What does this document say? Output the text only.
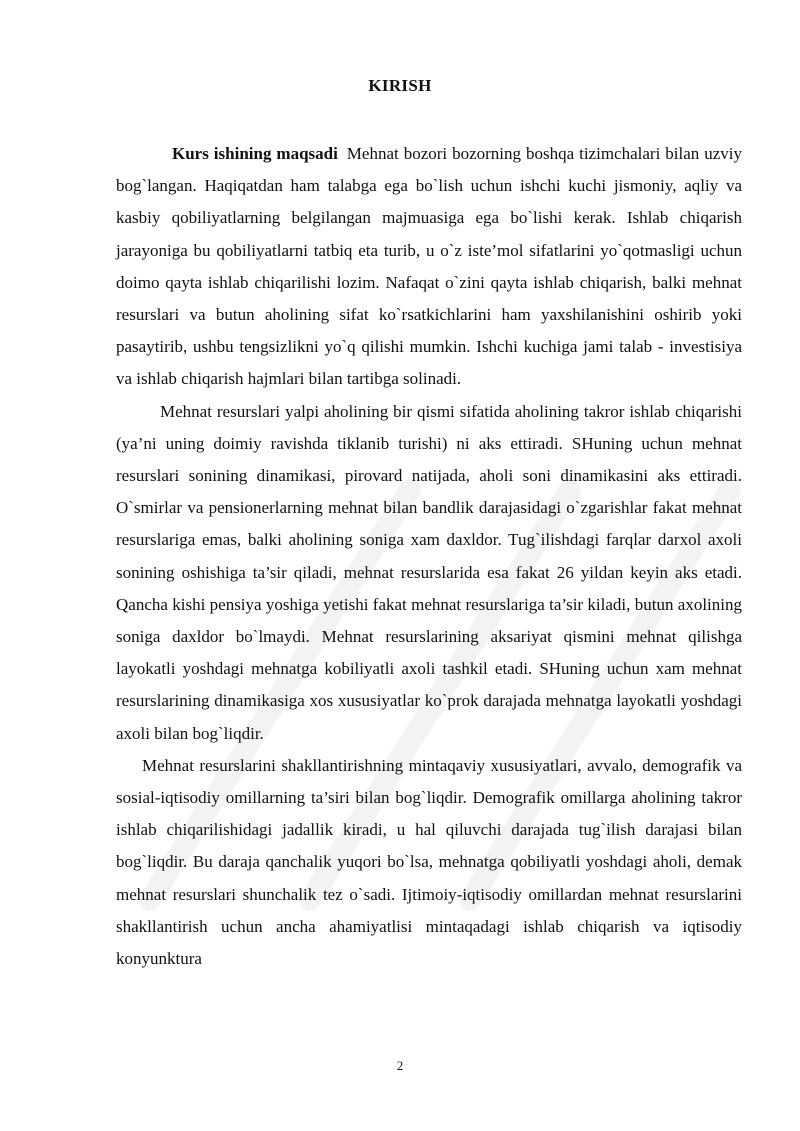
KIRISH

Kurs ishining maqsadi Mehnat bozori bozorning boshqa tizimchalari bilan uzviy bog`langan. Haqiqatdan ham talabga ega bo`lish uchun ishchi kuchi jismoniy, aqliy va kasbiy qobiliyatlarning belgilangan majmuasiga ega bo`lishi kerak. Ishlab chiqarish jarayoniga bu qobiliyatlarni tatbiq eta turib, u o`z iste’mol sifatlarini yo`qotmasligi uchun doimo qayta ishlab chiqarilishi lozim. Nafaqat o`zini qayta ishlab chiqarish, balki mehnat resurslari va butun aholining sifat ko`rsatkichlarini ham yaxshilanishini oshirib yoki pasaytirib, ushbu tengsizlikni yo`q qilishi mumkin. Ishchi kuchiga jami talab - investisiya va ishlab chiqarish hajmlari bilan tartibga solinadi.

Mehnat resurslari yalpi aholining bir qismi sifatida aholining takror ishlab chiqarishi (ya’ni uning doimiy ravishda tiklanib turishi) ni aks ettiradi. SHuning uchun mehnat resurslari sonining dinamikasi, pirovard natijada, aholi soni dinamikasini aks ettiradi. O`smirlar va pensionerlarning mehnat bilan bandlik darajasidagi o`zgarishlar fakat mehnat resurslariga emas, balki aholining soniga xam daxldor. Tug`ilishdagi farqlar darxol axoli sonining oshishiga ta’sir qiladi, mehnat resurslarida esa fakat 26 yildan keyin aks etadi. Qancha kishi pensiya yoshiga yetishi fakat mehnat resurslariga ta’sir kiladi, butun axolining soniga daxldor bo`lmaydi. Mehnat resurslarining aksariyat qismini mehnat qilishga layokatli yoshdagi mehnatga kobiliyatli axoli tashkil etadi. SHuning uchun xam mehnat resurslarining dinamikasiga xos xususiyatlar ko`prok darajada mehnatga layokatli yoshdagi axoli bilan bog`liqdir.

Mehnat resurslarini shakllantirishning mintaqaviy xususiyatlari, avvalo, demografik va sosial-iqtisodiy omillarning ta’siri bilan bog`liqdir. Demografik omillarga aholining takror ishlab chiqarilishidagi jadallik kiradi, u hal qiluvchi darajada tug`ilish darajasi bilan bog`liqdir. Bu daraja qanchalik yuqori bo`lsa, mehnatga qobiliyatli yoshdagi aholi, demak mehnat resurslari shunchalik tez o`sadi. Ijtimoiy-iqtisodiy omillardan mehnat resurslarini shakllantirish uchun ancha ahamiyatlisi mintaqadagi ishlab chiqarish va iqtisodiy konyunktura

2
